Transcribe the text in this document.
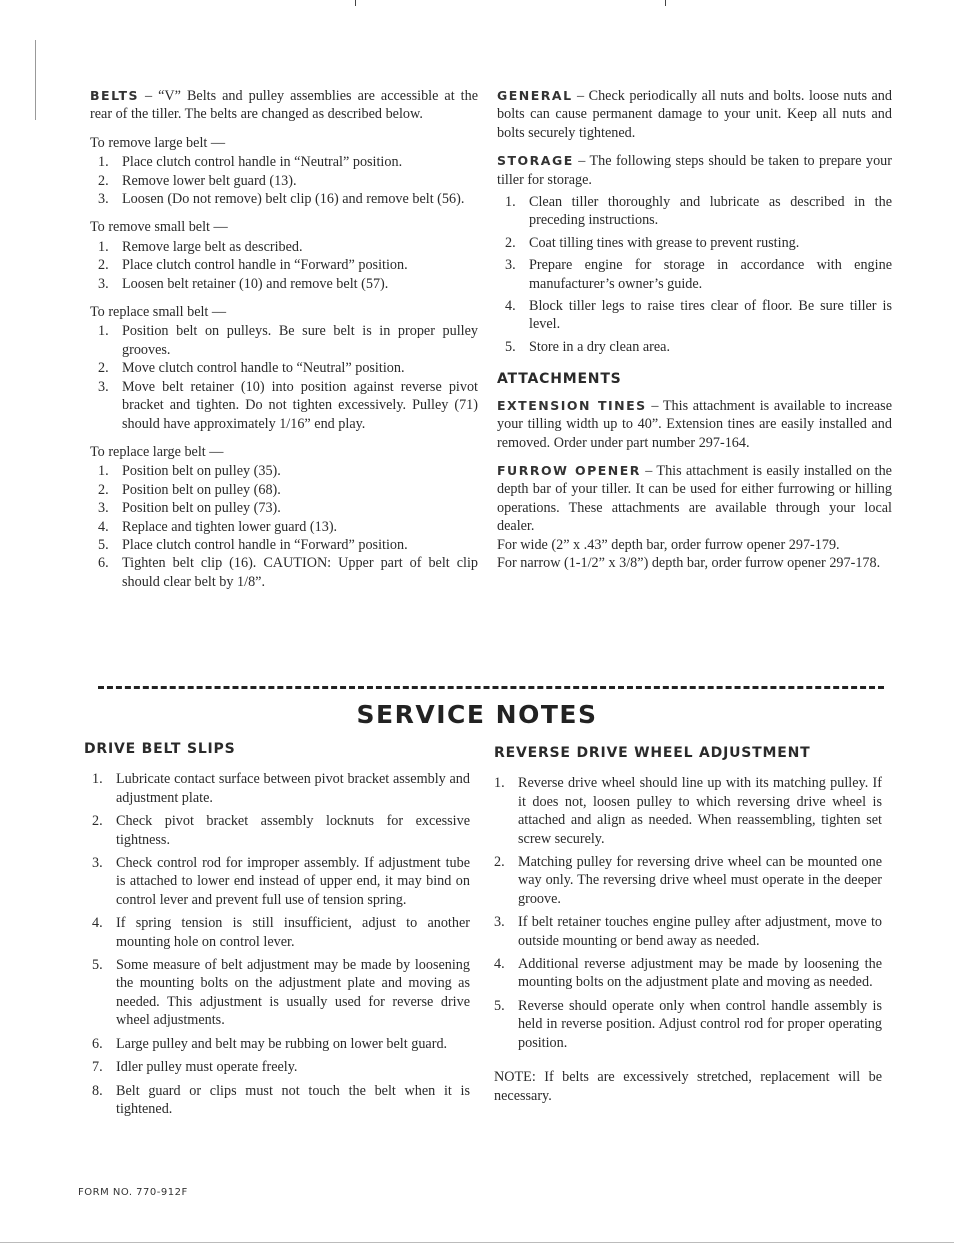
BELTS – “V” Belts and pulley assemblies are accessible at the rear of the tiller. The belts are changed as described below.

To remove large belt —
1. Place clutch control handle in “Neutral” position.
2. Remove lower belt guard (13).
3. Loosen (Do not remove) belt clip (16) and remove belt (56).
To remove small belt —
1. Remove large belt as described.
2. Place clutch control handle in “Forward” position.
3. Loosen belt retainer (10) and remove belt (57).
To replace small belt —
1. Position belt on pulleys. Be sure belt is in proper pulley grooves.
2. Move clutch control handle to “Neutral” position.
3. Move belt retainer (10) into position against reverse pivot bracket and tighten. Do not tighten excessively. Pulley (71) should have approximately 1/16” end play.
To replace large belt —
1. Position belt on pulley (35).
2. Position belt on pulley (68).
3. Position belt on pulley (73).
4. Replace and tighten lower guard (13).
5. Place clutch control handle in “Forward” position.
6. Tighten belt clip (16). CAUTION: Upper part of belt clip should clear belt by 1/8”.

GENERAL – Check periodically all nuts and bolts. loose nuts and bolts can cause permanent damage to your unit. Keep all nuts and bolts securely tightened.

STORAGE – The following steps should be taken to prepare your tiller for storage.

1. Clean tiller thoroughly and lubricate as described in the preceding instructions.
2. Coat tilling tines with grease to prevent rusting.
3. Prepare engine for storage in accordance with engine manufacturer’s owner’s guide.
4. Block tiller legs to raise tires clear of floor. Be sure tiller is level.
5. Store in a dry clean area.
ATTACHMENTS

EXTENSION TINES – This attachment is available to increase your tilling width up to 40”. Extension tines are easily installed and removed. Order under part number 297-164.

FURROW OPENER – This attachment is easily installed on the depth bar of your tiller. It can be used for either furrowing or hilling operations. These attachments are available through your local dealer.

For wide (2” x .43” depth bar, order furrow opener 297-179.

For narrow (1-1/2” x 3/8”) depth bar, order furrow opener 297-178.

SERVICE NOTES
DRIVE BELT SLIPS
1. Lubricate contact surface between pivot bracket assembly and adjustment plate.
2. Check pivot bracket assembly locknuts for excessive tightness.
3. Check control rod for improper assembly. If adjustment tube is attached to lower end instead of upper end, it may bind on control lever and prevent full use of tension spring.
4. If spring tension is still insufficient, adjust to another mounting hole on control lever.
5. Some measure of belt adjustment may be made by loosening the mounting bolts on the adjustment plate and moving as needed. This adjustment is usually used for reverse drive wheel adjustments.
6. Large pulley and belt may be rubbing on lower belt guard.
7. Idler pulley must operate freely.
8. Belt guard or clips must not touch the belt when it is tightened.
REVERSE DRIVE WHEEL ADJUSTMENT
1. Reverse drive wheel should line up with its matching pulley. If it does not, loosen pulley to which reversing drive wheel is attached and align as needed. When reassembling, tighten set screw securely.
2. Matching pulley for reversing drive wheel can be mounted one way only. The reversing drive wheel must operate in the deeper groove.
3. If belt retainer touches engine pulley after adjustment, move to outside mounting or bend away as needed.
4. Additional reverse adjustment may be made by loosening the mounting bolts on the adjustment plate and moving as needed.
5. Reverse should operate only when control handle assembly is held in reverse position. Adjust control rod for proper operating position.

NOTE: If belts are excessively stretched, replacement will be necessary.

FORM NO. 770-912F
